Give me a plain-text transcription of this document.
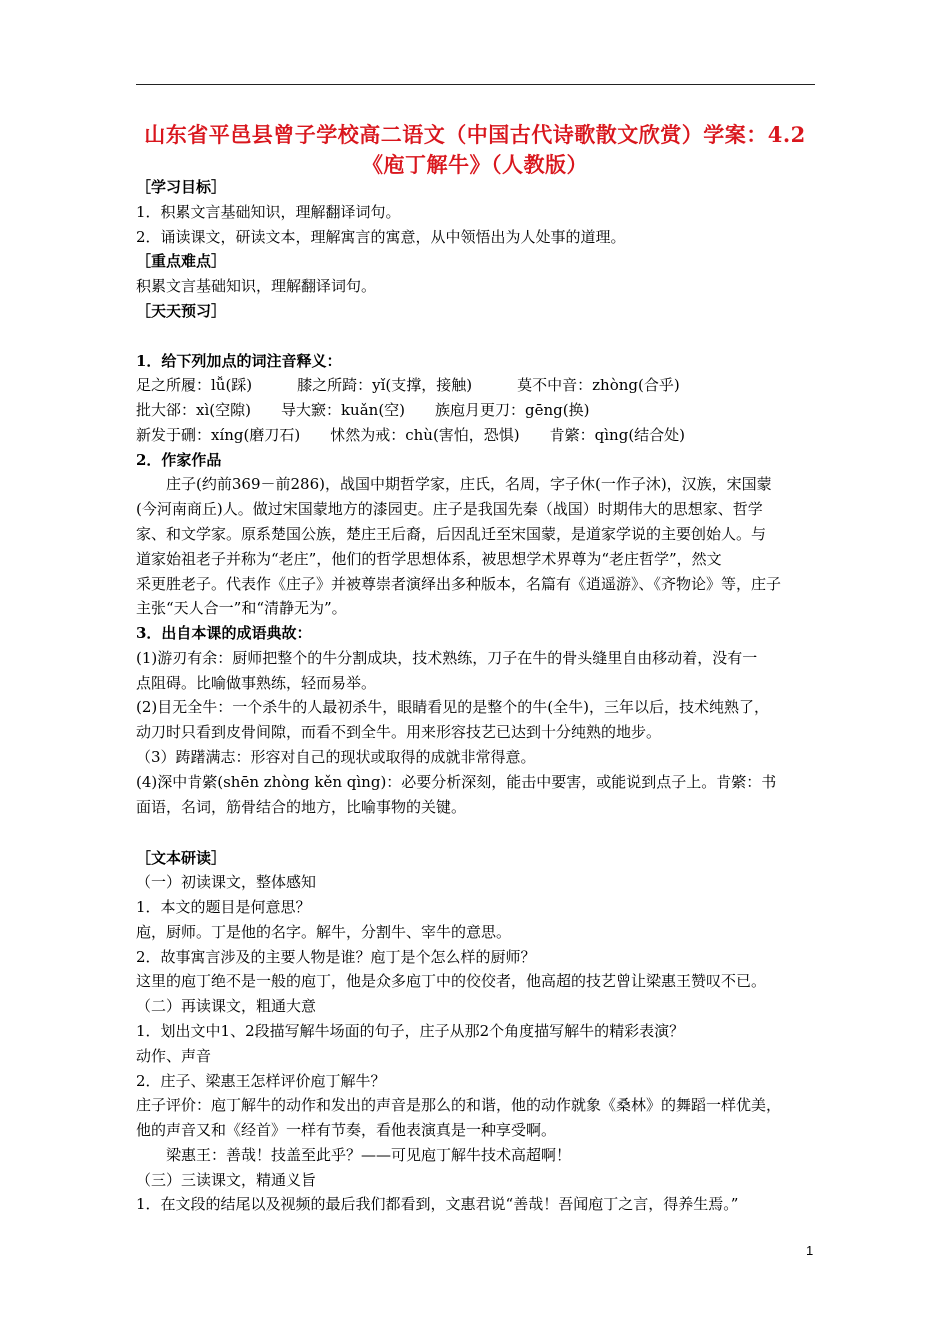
山东省平邑县曾子学校高二语文（中国古代诗歌散文欣赏）学案：4.2
《庖丁解牛》（人教版）
［学习目标］
1．积累文言基础知识，理解翻译词句。
2．诵读课文，研读文本，理解寓言的寓意，从中领悟出为人处事的道理。
［重点难点］
积累文言基础知识，理解翻译词句。
［天天预习］
1．给下列加点的词注音释义：
足之所履：lǚ(踩)　　　膝之所踦：yǐ(支撑，接触)　　　莫不中音：zhòng(合乎)
批大郤：xì(空隙)　　导大窾：kuǎn(空)　　族庖月更刀：gēng(换)
新发于硎：xíng(磨刀石)　　怵然为戒：chù(害怕，恐惧)　　肯綮：qìng(结合处)
2．作家作品
　　庄子(约前369－前286)，战国中期哲学家，庄氏，名周，字子休(一作子沐)，汉族，宋国蒙
(今河南商丘)人。做过宋国蒙地方的漆园吏。庄子是我国先秦（战国）时期伟大的思想家、哲学
家、和文学家。原系楚国公族，楚庄王后裔，后因乱迁至宋国蒙，是道家学说的主要创始人。与
道家始祖老子并称为“老庄”，他们的哲学思想体系，被思想学术界尊为“老庄哲学”，然文
采更胜老子。代表作《庄子》并被尊崇者演绎出多种版本，名篇有《逍遥游》、《齐物论》等，庄子
主张“天人合一”和“清静无为”。
3．出自本课的成语典故：
(1)游刃有余：厨师把整个的牛分割成块，技术熟练，刀子在牛的骨头缝里自由移动着，没有一
点阻碍。比喻做事熟练，轻而易举。
(2)目无全牛：一个杀牛的人最初杀牛，眼睛看见的是整个的牛(全牛)，三年以后，技术纯熟了，
动刀时只看到皮骨间隙，而看不到全牛。用来形容技艺已达到十分纯熟的地步。
（3）踌躇满志：形容对自己的现状或取得的成就非常得意。
(4)深中肯綮(shēn zhòng kěn qìng)：必要分析深刻，能击中要害，或能说到点子上。肯綮：书
面语，名词，筋骨结合的地方，比喻事物的关键。
［文本研读］
（一）初读课文，整体感知
1．本文的题目是何意思？
庖，厨师。丁是他的名字。解牛，分割牛、宰牛的意思。
2．故事寓言涉及的主要人物是谁？庖丁是个怎么样的厨师？
这里的庖丁绝不是一般的庖丁，他是众多庖丁中的佼佼者，他高超的技艺曾让梁惠王赞叹不已。
（二）再读课文，粗通大意
1．划出文中1、2段描写解牛场面的句子，庄子从那2个角度描写解牛的精彩表演？
动作、声音
2．庄子、梁惠王怎样评价庖丁解牛？
庄子评价：庖丁解牛的动作和发出的声音是那么的和谐，他的动作就象《桑林》的舞蹈一样优美，
他的声音又和《经首》一样有节奏，看他表演真是一种享受啊。
　　梁惠王：善哉！技盖至此乎？——可见庖丁解牛技术高超啊！
（三）三读课文，精通义旨
1．在文段的结尾以及视频的最后我们都看到，文惠君说“善哉！吾闻庖丁之言，得养生焉。”
1
